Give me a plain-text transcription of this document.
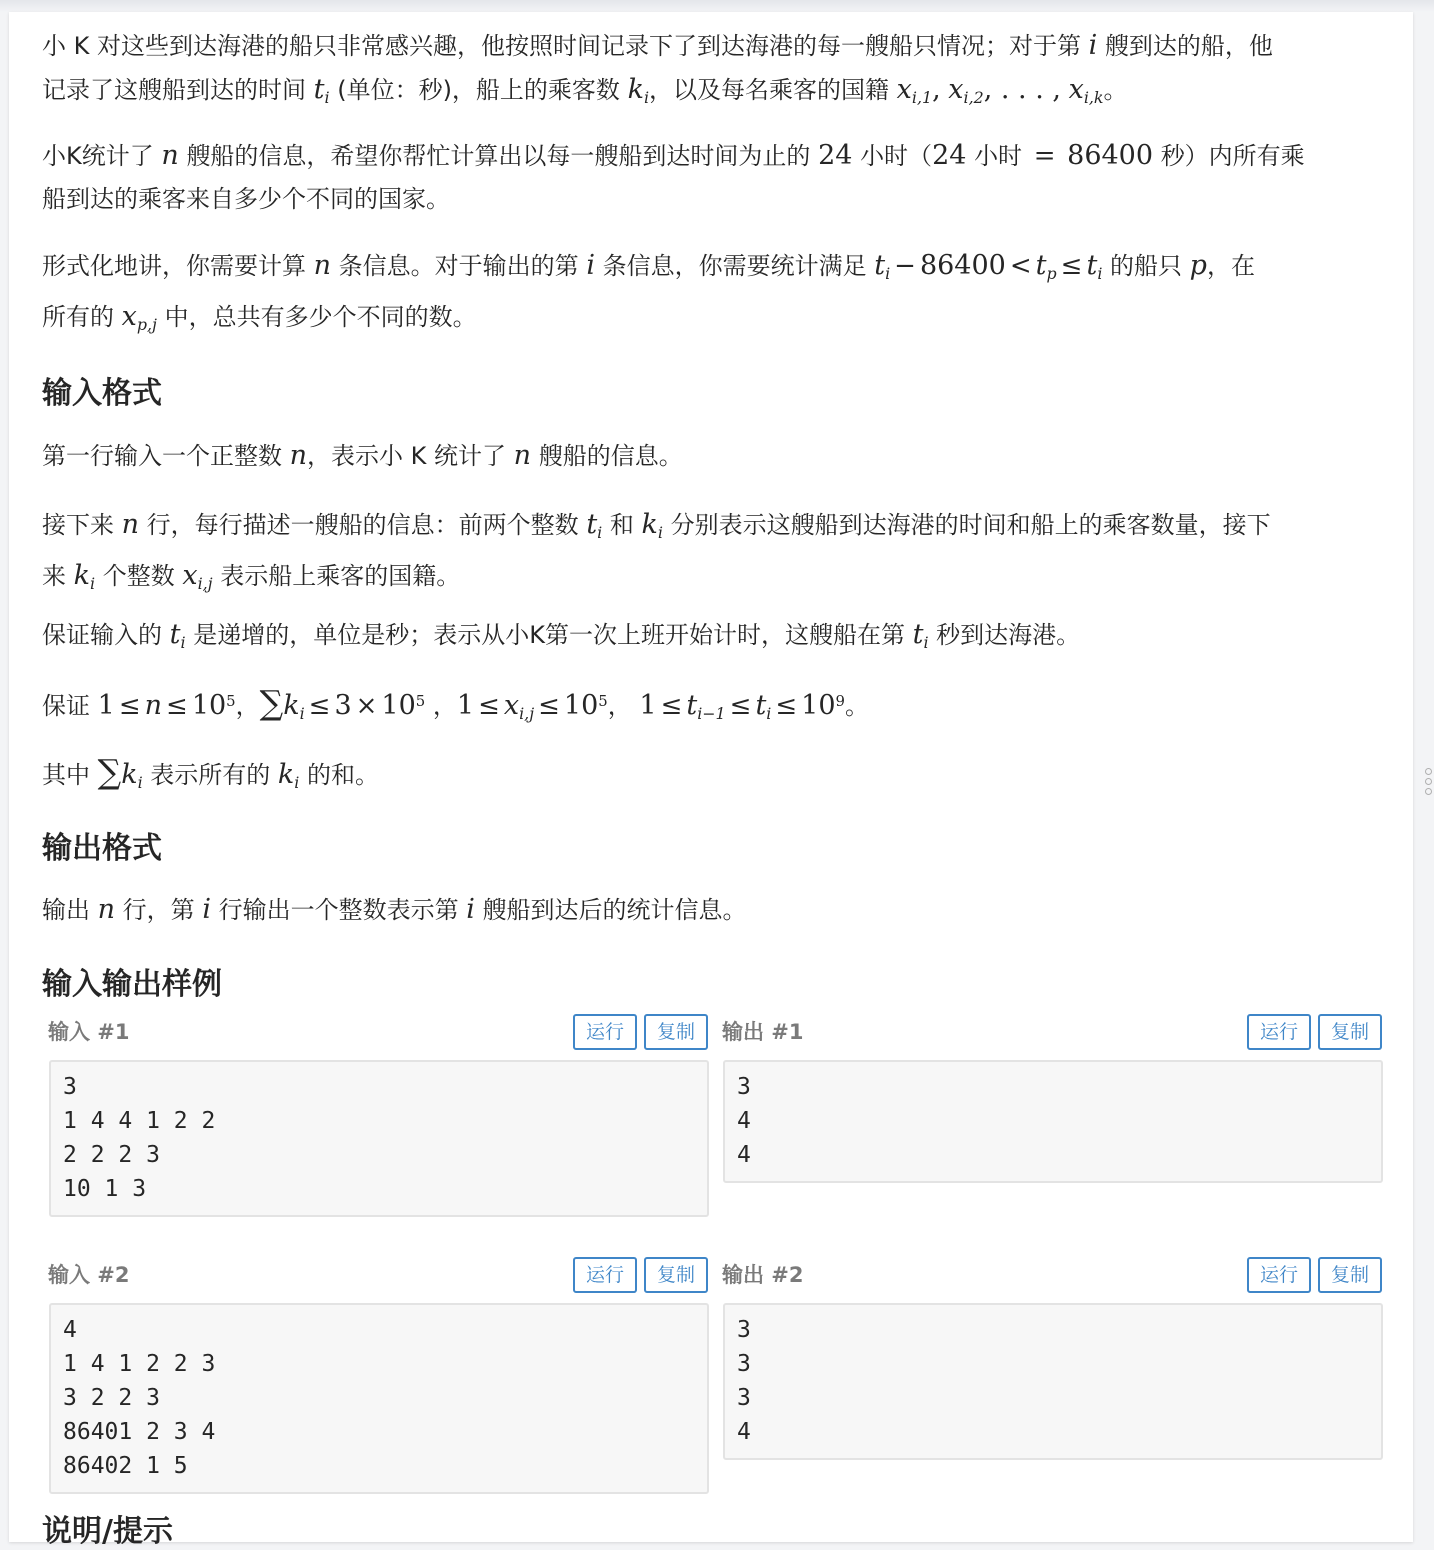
小 K 对这些到达海港的船只非常感兴趣，他按照时间记录下了到达海港的每一艘船只情况；对于第 i 艘到达的船，他
记录了这艘船到达的时间 $t_i$ (单位：秒)，船上的乘客数 $k_i$，以及每名乘客的国籍 $x_{i,1}$, $x_{i,2}$, . . . , $x_{i,k}$。

小K统计了 n 艘船的信息，希望你帮忙计算出以每一艘船到达时间为止的 24 小时（24 小时 = 86400 秒）内所有乘
船到达的乘客来自多少个不同的国家。

形式化地讲，你需要计算 n 条信息。对于输出的第 i 条信息，你需要统计满足 $t_i - 86400 < t_p \le t_i$ 的船只 p，在
所有的 $x_{p,j}$ 中，总共有多少个不同的数。

输入格式

第一行输入一个正整数 n，表示小 K 统计了 n 艘船的信息。

接下来 n 行，每行描述一艘船的信息：前两个整数 $t_i$ 和 $k_i$ 分别表示这艘船到达海港的时间和船上的乘客数量，接下
来 $k_i$ 个整数 $x_{i,j}$ 表示船上乘客的国籍。

保证输入的 $t_i$ 是递增的，单位是秒；表示从小K第一次上班开始计时，这艘船在第 $t_i$ 秒到达海港。

保证 $1 \le n \le 10^5$，$\sum k_i \le 3 \times 10^5$ ，$1 \le x_{i,j} \le 10^5$， $1 \le t_{i-1} \le t_i \le 10^9$。

其中 $\sum k_i$ 表示所有的 $k_i$ 的和。

输出格式

输出 n 行，第 i 行输出一个整数表示第 i 艘船到达后的统计信息。

输入输出样例
输入 #1	运行	复制
3
1 4 4 1 2 2
2 2 2 3
10 1 3
输出 #1	运行	复制
3
4
4
输入 #2	运行	复制
4
1 4 1 2 2 3
3 2 2 3
86401 2 3 4
86402 1 5
输出 #2	运行	复制
3
3
3
4
说明/提示
